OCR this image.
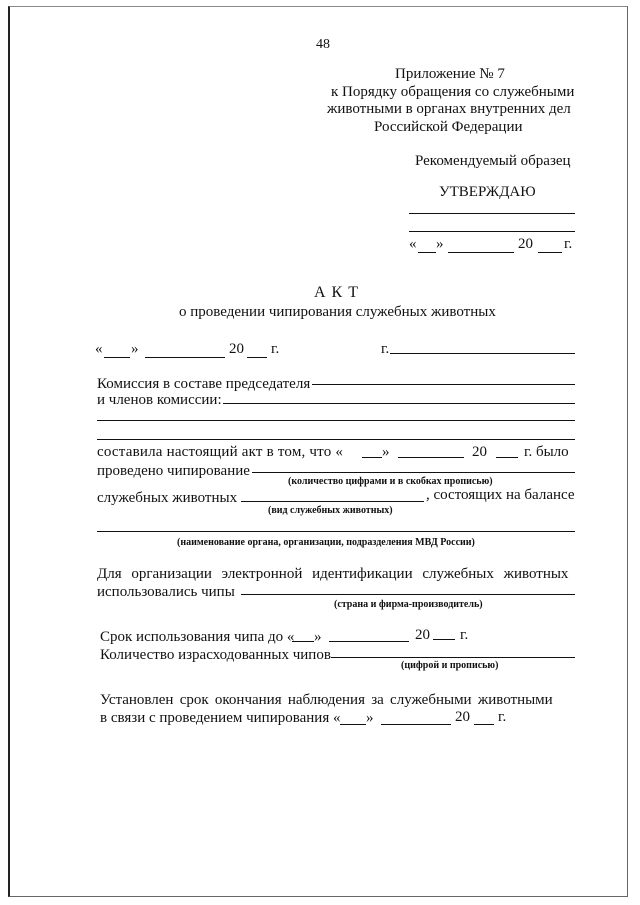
48
Приложение № 7
к Порядку обращения со служебными
животными в органах внутренних дел
Российской Федерации
Рекомендуемый образец
УТВЕРЖДАЮ
« »	20 г.
А К Т
о проведении чипирования служебных животных
« »	20 г.	г.
Комиссия в составе председателя
и членов комиссии:
составила настоящий акт в том, что «	»	20 г. было
проведено чипирование
(количество цифрами и в скобках прописью)
служебных животных	, состоящих на балансе
(вид служебных животных)
(наименование органа, организации, подразделения МВД России)
Для организации электронной идентификации служебных животных
использовались чипы
(страна и фирма-производитель)
Срок использования чипа до « »	20 г.
Количество израсходованных чипов
(цифрой и прописью)
Установлен срок окончания наблюдения за служебными животными
в связи с проведением чипирования « »	20 г.
